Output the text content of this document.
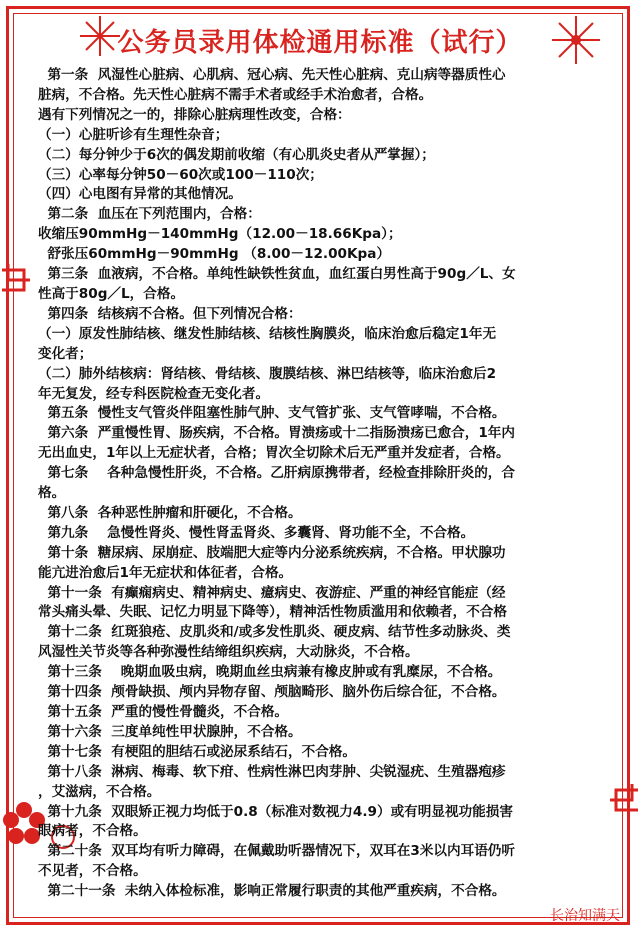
公务员录用体检通用标准（试行）
第一条  风湿性心脏病、心肌病、冠心病、先天性心脏病、克山病等器质性心
脏病，不合格。先天性心脏病不需手术者或经手术治愈者，合格。
遇有下列情况之一的，排除心脏病理性改变，合格：
（一）心脏听诊有生理性杂音；
（二）每分钟少于6次的偶发期前收缩（有心肌炎史者从严掌握）；
（三）心率每分钟50－60次或100－110次；
（四）心电图有异常的其他情况。
第二条  血压在下列范围内，合格：
收缩压90mmHg－140mmHg（12.00－18.66Kpa）；
舒张压60mmHg－90mmHg （8.00－12.00Kpa）
第三条  血液病，不合格。单纯性缺铁性贫血，血红蛋白男性高于90g／L、女
性高于80g／L，合格。
第四条  结核病不合格。但下列情况合格：
（一）原发性肺结核、继发性肺结核、结核性胸膜炎，临床治愈后稳定1年无
变化者；
（二）肺外结核病：肾结核、骨结核、腹膜结核、淋巴结核等，临床治愈后2
年无复发，经专科医院检查无变化者。
第五条  慢性支气管炎伴阻塞性肺气肿、支气管扩张、支气管哮喘，不合格。
第六条  严重慢性胃、肠疾病，不合格。胃溃疡或十二指肠溃疡已愈合，1年内
无出血史，1年以上无症状者，合格；胃次全切除术后无严重并发症者，合格。
第七条    各种急慢性肝炎，不合格。乙肝病原携带者，经检查排除肝炎的，合
格。
第八条  各种恶性肿瘤和肝硬化，不合格。
第九条    急慢性肾炎、慢性肾盂肾炎、多囊肾、肾功能不全，不合格。
第十条  糖尿病、尿崩症、肢端肥大症等内分泌系统疾病，不合格。甲状腺功
能亢进治愈后1年无症状和体征者，合格。
第十一条  有癫痫病史、精神病史、癔病史、夜游症、严重的神经官能症（经
常头痛头晕、失眠、记忆力明显下降等），精神活性物质滥用和依赖者，不合格
第十二条  红斑狼疮、皮肌炎和/或多发性肌炎、硬皮病、结节性多动脉炎、类
风湿性关节炎等各种弥漫性结缔组织疾病，大动脉炎，不合格。
第十三条    晚期血吸虫病，晚期血丝虫病兼有橡皮肿或有乳糜尿，不合格。
第十四条  颅骨缺损、颅内异物存留、颅脑畸形、脑外伤后综合征，不合格。
第十五条  严重的慢性骨髓炎，不合格。
第十六条  三度单纯性甲状腺肿，不合格。
第十七条  有梗阻的胆结石或泌尿系结石，不合格。
第十八条  淋病、梅毒、软下疳、性病性淋巴肉芽肿、尖锐湿疣、生殖器疱疹
，艾滋病，不合格。
第十九条  双眼矫正视力均低于0.8（标准对数视力4.9）或有明显视功能损害
眼病者，不合格。
第二十条  双耳均有听力障碍，在佩戴助听器情况下，双耳在3米以内耳语仍听
不见者，不合格。
第二十一条  未纳入体检标准，影响正常履行职责的其他严重疾病，不合格。
长治知满天
